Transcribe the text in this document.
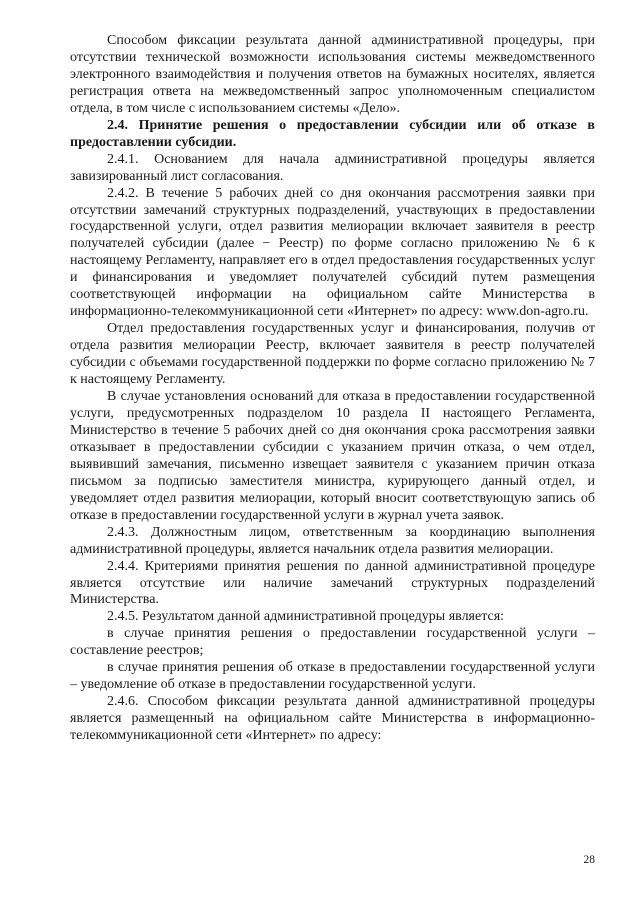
Способом фиксации результата данной административной процедуры, при отсутствии технической возможности использования системы межведомственного электронного взаимодействия и получения ответов на бумажных носителях, является регистрация ответа на межведомственный запрос уполномоченным специалистом отдела, в том числе с использованием системы «Дело».

2.4. Принятие решения о предоставлении субсидии или об отказе в предоставлении субсидии.

2.4.1. Основанием для начала административной процедуры является завизированный лист согласования.

2.4.2. В течение 5 рабочих дней со дня окончания рассмотрения заявки при отсутствии замечаний структурных подразделений, участвующих в предоставлении государственной услуги, отдел развития мелиорации включает заявителя в реестр получателей субсидии (далее − Реестр) по форме согласно приложению № 6 к настоящему Регламенту, направляет его в отдел предоставления государственных услуг и финансирования и уведомляет получателей субсидий путем размещения соответствующей информации на официальном сайте Министерства в информационно-телекоммуникационной сети «Интернет» по адресу: www.don-agro.ru.

Отдел предоставления государственных услуг и финансирования, получив от отдела развития мелиорации Реестр, включает заявителя в реестр получателей субсидии с объемами государственной поддержки по форме согласно приложению № 7 к настоящему Регламенту.

В случае установления оснований для отказа в предоставлении государственной услуги, предусмотренных подразделом 10 раздела II настоящего Регламента, Министерство в течение 5 рабочих дней со дня окончания срока рассмотрения заявки отказывает в предоставлении субсидии с указанием причин отказа, о чем отдел, выявивший замечания, письменно извещает заявителя с указанием причин отказа письмом за подписью заместителя министра, курирующего данный отдел, и уведомляет отдел развития мелиорации, который вносит соответствующую запись об отказе в предоставлении государственной услуги в журнал учета заявок.

2.4.3. Должностным лицом, ответственным за координацию выполнения административной процедуры, является начальник отдела развития мелиорации.

2.4.4. Критериями принятия решения по данной административной процедуре является отсутствие или наличие замечаний структурных подразделений Министерства.

2.4.5. Результатом данной административной процедуры является:

в случае принятия решения о предоставлении государственной услуги – составление реестров;

в случае принятия решения об отказе в предоставлении государственной услуги – уведомление об отказе в предоставлении государственной услуги.

2.4.6. Способом фиксации результата данной административной процедуры является размещенный на официальном сайте Министерства в информационно-телекоммуникационной сети «Интернет» по адресу:

28
